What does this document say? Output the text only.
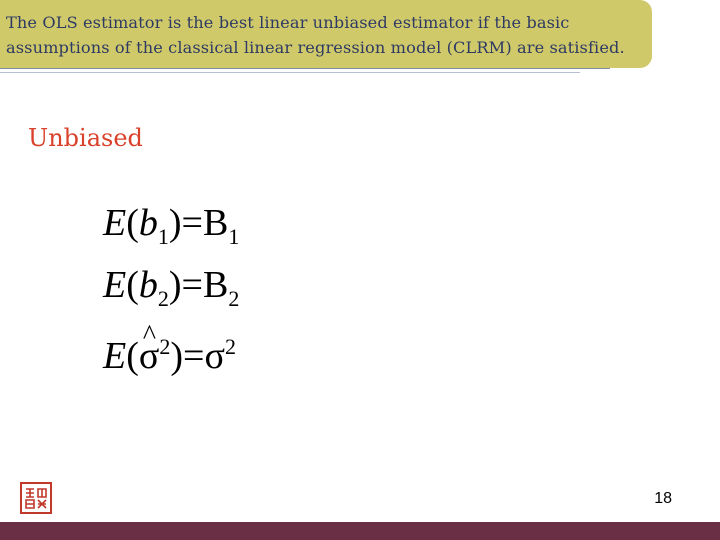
The OLS estimator is the best linear unbiased estimator if the basic
assumptions of the classical linear regression model (CLRM) are satisfied.
Unbiased
$E(b_1)=B_1$
$E(b_2)=B_2$
E(^ $\sigma^2)=\sigma^2$
18
